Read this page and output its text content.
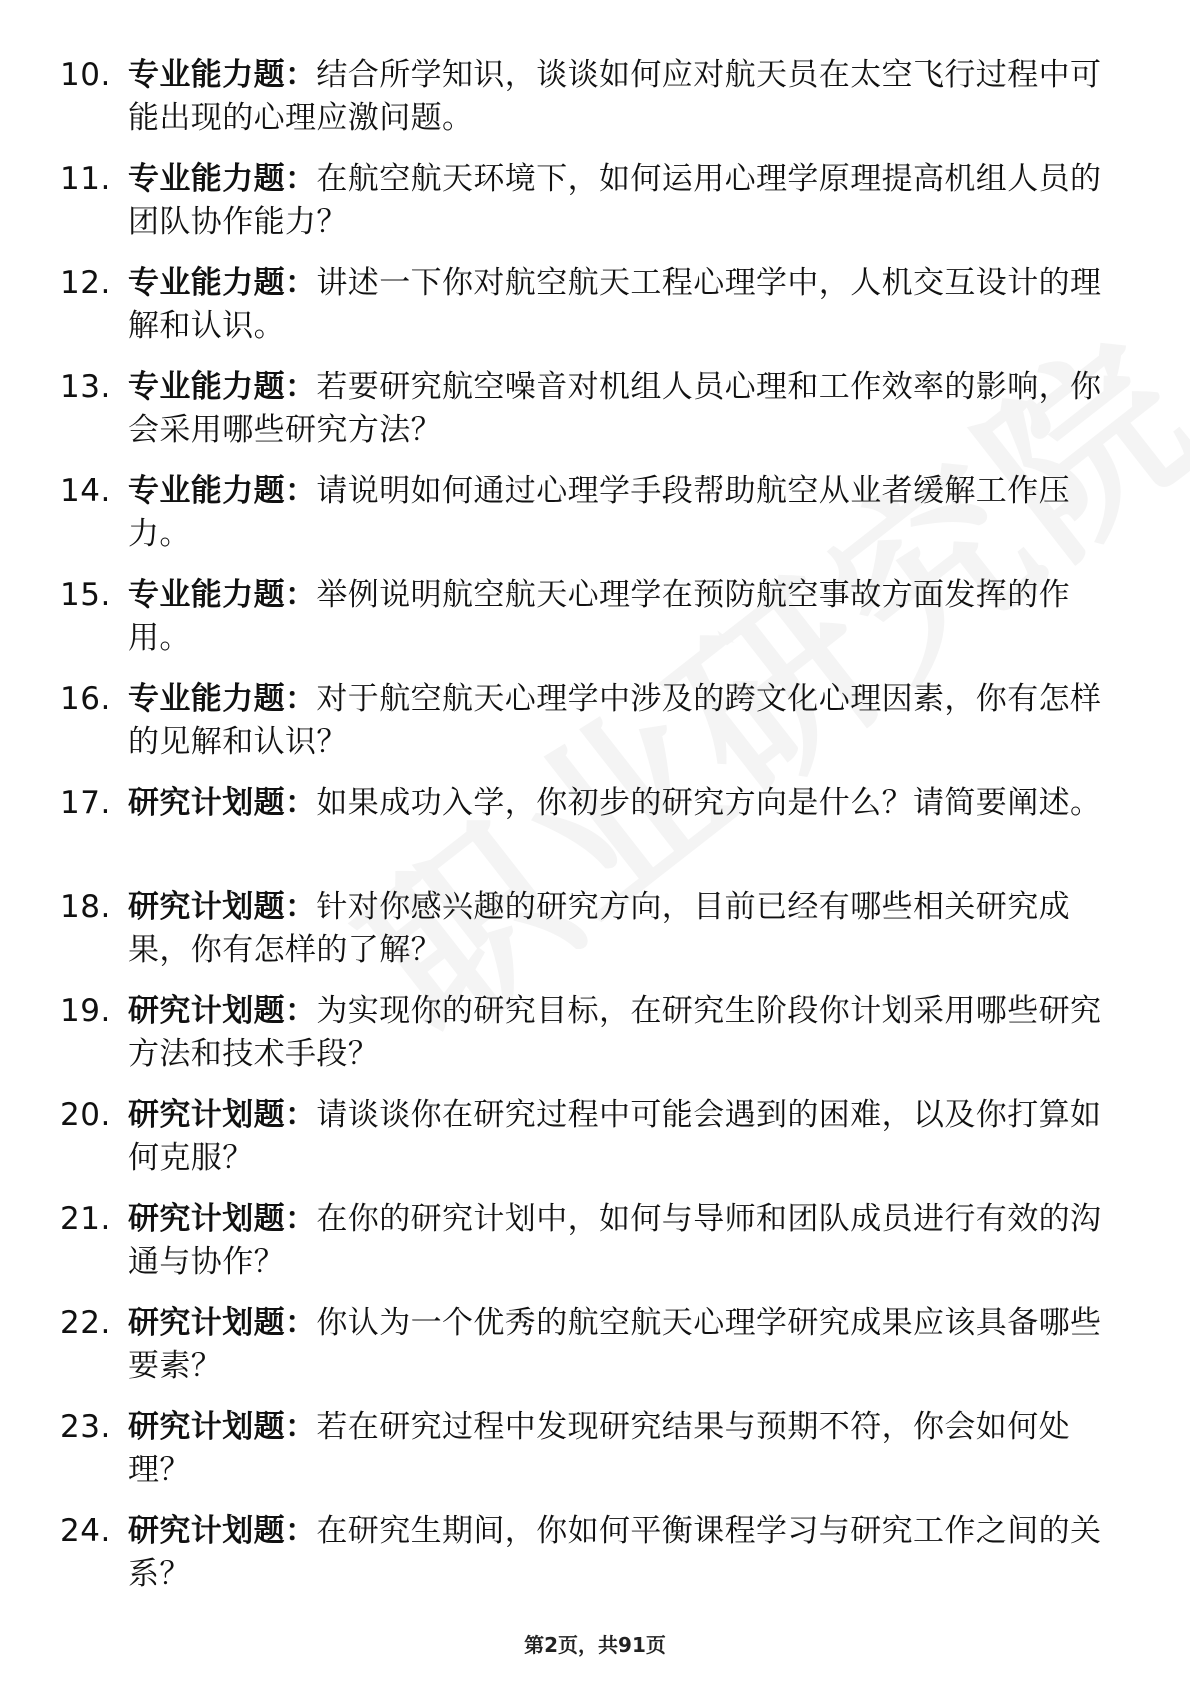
10. 专业能力题：结合所学知识，谈谈如何应对航天员在太空飞行过程中可能出现的心理应激问题。
11. 专业能力题：在航空航天环境下，如何运用心理学原理提高机组人员的团队协作能力？
12. 专业能力题：讲述一下你对航空航天工程心理学中，人机交互设计的理解和认识。
13. 专业能力题：若要研究航空噪音对机组人员心理和工作效率的影响，你会采用哪些研究方法？
14. 专业能力题：请说明如何通过心理学手段帮助航空从业者缓解工作压力。
15. 专业能力题：举例说明航空航天心理学在预防航空事故方面发挥的作用。
16. 专业能力题：对于航空航天心理学中涉及的跨文化心理因素，你有怎样的见解和认识？
17. 研究计划题：如果成功入学，你初步的研究方向是什么？请简要阐述。
18. 研究计划题：针对你感兴趣的研究方向，目前已经有哪些相关研究成果，你有怎样的了解？
19. 研究计划题：为实现你的研究目标，在研究生阶段你计划采用哪些研究方法和技术手段？
20. 研究计划题：请谈谈你在研究过程中可能会遇到的困难，以及你打算如何克服？
21. 研究计划题：在你的研究计划中，如何与导师和团队成员进行有效的沟通与协作？
22. 研究计划题：你认为一个优秀的航空航天心理学研究成果应该具备哪些要素？
23. 研究计划题：若在研究过程中发现研究结果与预期不符，你会如何处理？
24. 研究计划题：在研究生期间，你如何平衡课程学习与研究工作之间的关系？
第2页，共91页
